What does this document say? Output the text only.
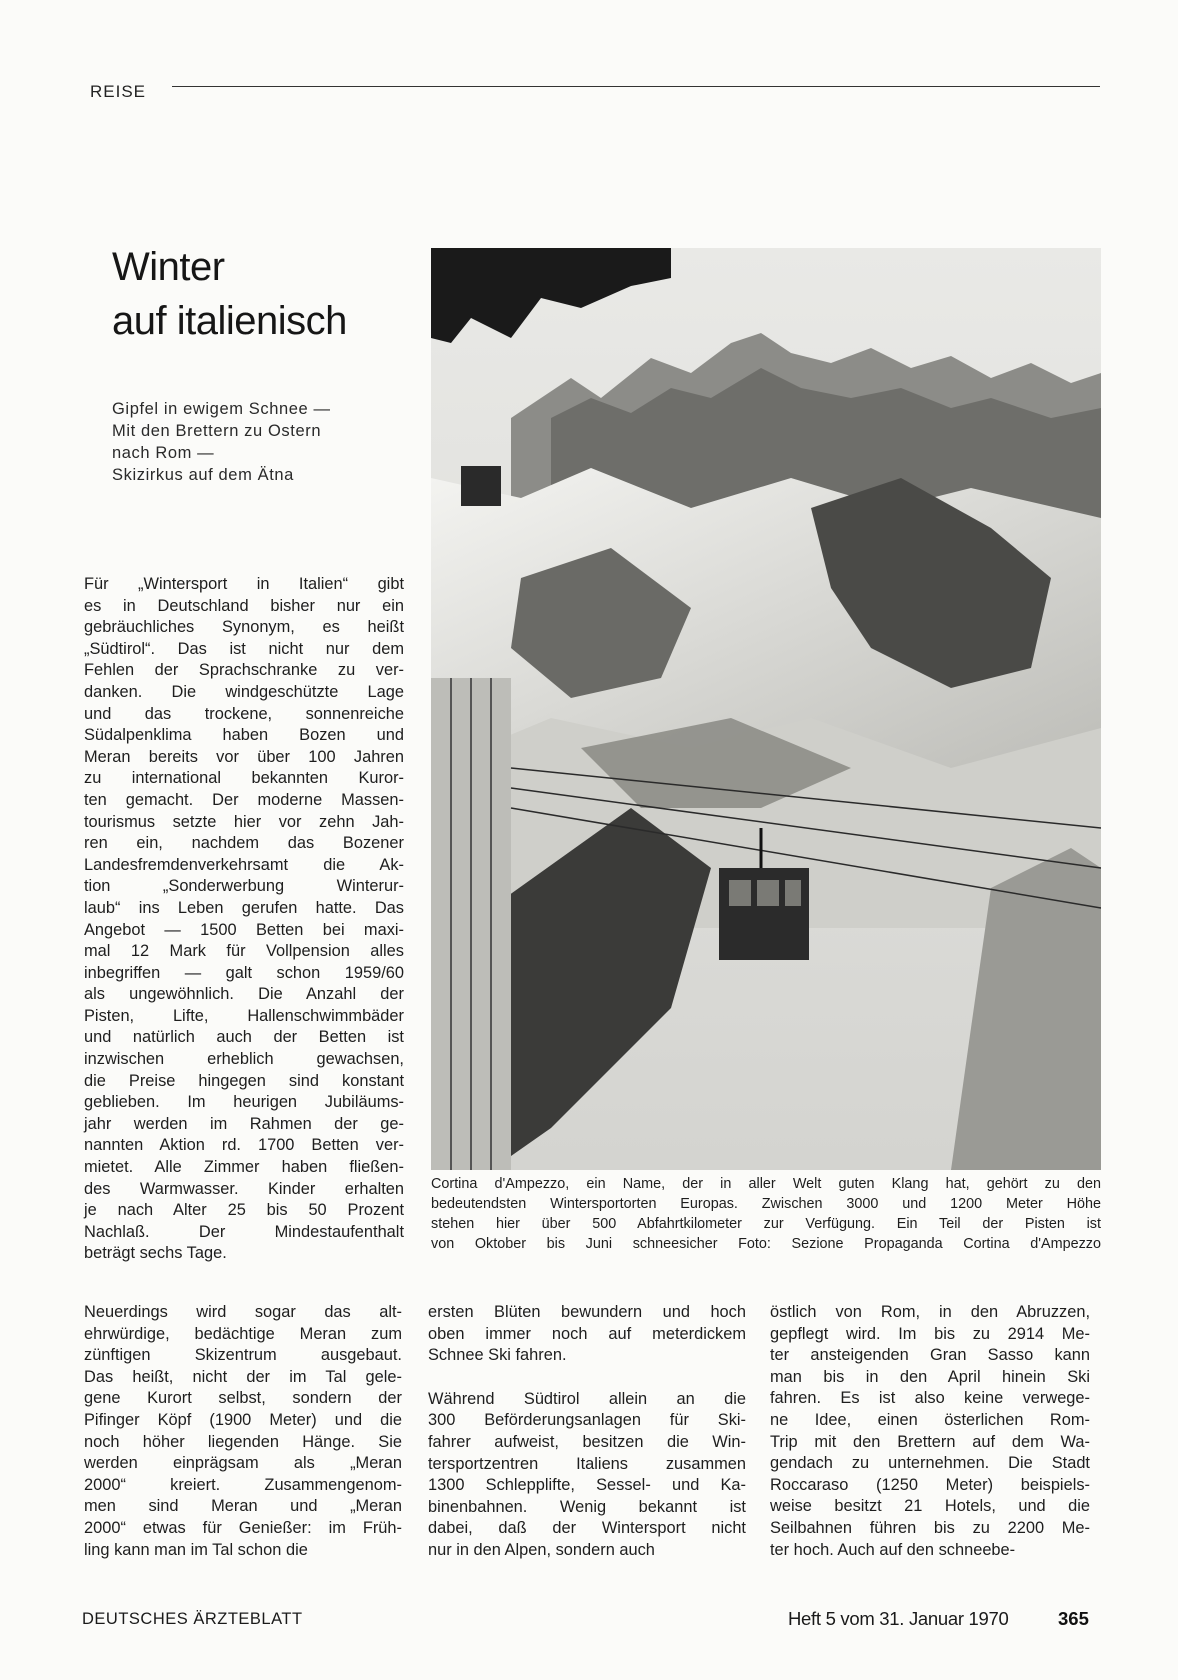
REISE
Winter
auf italienisch
Gipfel in ewigem Schnee —
Mit den Brettern zu Ostern
nach Rom —
Skizirkus auf dem Ätna
Für „Wintersport in Italien“ gibt
es in Deutschland bisher nur ein
gebräuchliches Synonym, es heißt
„Südtirol“. Das ist nicht nur dem
Fehlen der Sprachschranke zu ver-
danken. Die windgeschützte Lage
und das trockene, sonnenreiche
Südalpenklima haben Bozen und
Meran bereits vor über 100 Jahren
zu international bekannten Kuror-
ten gemacht. Der moderne Massen-
tourismus setzte hier vor zehn Jah-
ren ein, nachdem das Bozener
Landesfremdenverkehrsamt die Ak-
tion „Sonderwerbung Winterur-
laub“ ins Leben gerufen hatte. Das
Angebot — 1500 Betten bei maxi-
mal 12 Mark für Vollpension alles
inbegriffen — galt schon 1959/60
als ungewöhnlich. Die Anzahl der
Pisten, Lifte, Hallenschwimmbäder
und natürlich auch der Betten ist
inzwischen erheblich gewachsen,
die Preise hingegen sind konstant
geblieben. Im heurigen Jubiläums-
jahr werden im Rahmen der ge-
nannten Aktion rd. 1700 Betten ver-
mietet. Alle Zimmer haben fließen-
des Warmwasser. Kinder erhalten
je nach Alter 25 bis 50 Prozent
Nachlaß. Der Mindestaufenthalt
beträgt sechs Tage.
Cortina d'Ampezzo, ein Name, der in aller Welt guten Klang hat, gehört zu den
bedeutendsten Wintersportorten Europas. Zwischen 3000 und 1200 Meter Höhe
stehen hier über 500 Abfahrtkilometer zur Verfügung. Ein Teil der Pisten ist
von Oktober bis Juni schneesicher Foto: Sezione Propaganda Cortina d'Ampezzo
Neuerdings wird sogar das alt-
ehrwürdige, bedächtige Meran zum
zünftigen Skizentrum ausgebaut.
Das heißt, nicht der im Tal gele-
gene Kurort selbst, sondern der
Pifinger Köpf (1900 Meter) und die
noch höher liegenden Hänge. Sie
werden einprägsam als „Meran
2000“ kreiert. Zusammengenom-
men sind Meran und „Meran
2000“ etwas für Genießer: im Früh-
ling kann man im Tal schon die
ersten Blüten bewundern und hoch
oben immer noch auf meterdickem
Schnee Ski fahren.
Während Südtirol allein an die
300 Beförderungsanlagen für Ski-
fahrer aufweist, besitzen die Win-
tersportzentren Italiens zusammen
1300 Schlepplifte, Sessel- und Ka-
binenbahnen. Wenig bekannt ist
dabei, daß der Wintersport nicht
nur in den Alpen, sondern auch
östlich von Rom, in den Abruzzen,
gepflegt wird. Im bis zu 2914 Me-
ter ansteigenden Gran Sasso kann
man bis in den April hinein Ski
fahren. Es ist also keine verwege-
ne Idee, einen österlichen Rom-
Trip mit den Brettern auf dem Wa-
gendach zu unternehmen. Die Stadt
Roccaraso (1250 Meter) beispiels-
weise besitzt 21 Hotels, und die
Seilbahnen führen bis zu 2200 Me-
ter hoch. Auch auf den schneebe-
DEUTSCHES ÄRZTEBLATT	Heft 5 vom 31. Januar 1970	365
